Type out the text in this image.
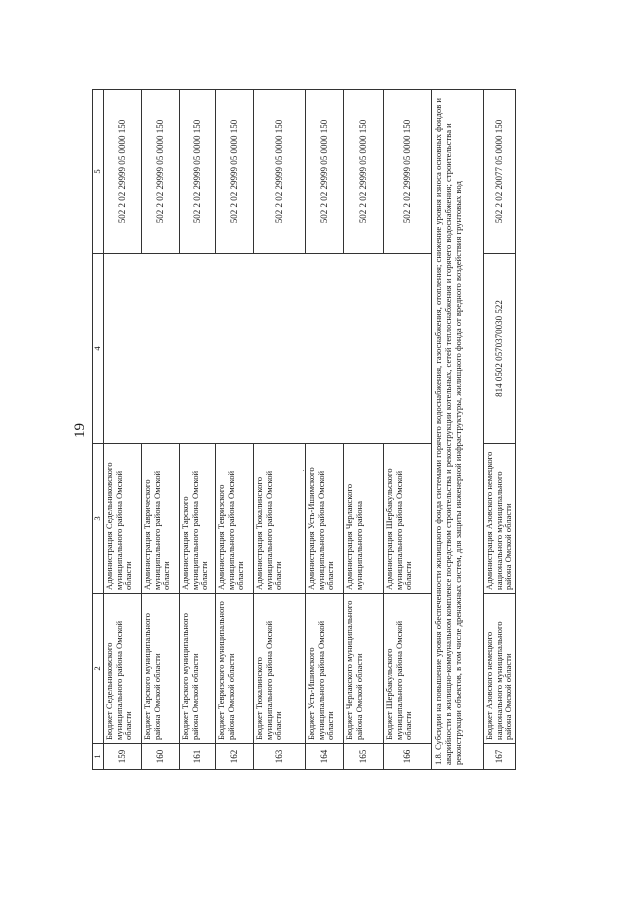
19
1	2	3	4	5
159	Бюджет Седельниковского муниципального района Омской области	Администрация Седельниковского муниципального района Омской области		502 2 02 29999 05 0000 150
160	Бюджет Тарского муниципального района Омской области	Администрация Таврического муниципального района Омской области		502 2 02 29999 05 0000 150
161	Бюджет Тарского муниципального района Омской области	Администрация Тарского муниципального района Омской области		502 2 02 29999 05 0000 150
162	Бюджет Тевризского муниципального района Омской области	Администрация Тевризского муниципального района Омской области		502 2 02 29999 05 0000 150
163	Бюджет Тюкалинского муниципального района Омской области	Администрация Тюкалинского муниципального района Омской области		502 2 02 29999 05 0000 150
164	Бюджет Усть-Ишимского муниципального района Омской области	Администрация Усть-Ишимского муниципального района Омской области		502 2 02 29999 05 0000 150
165	Бюджет Черлакского муниципального района Омской области	Администрация Черлакского муниципального района		502 2 02 29999 05 0000 150
166	Бюджет Шербакульского муниципального района Омской области	Администрация Шербакульского муниципального района Омской области		502 2 02 29999 05 0000 150
1.8. Субсидии на повышение уровня обеспеченности жилищного фонда системами горячего водоснабжения, газоснабжения, отопления; снижение уровня износа основных фондов и аварийности в жилищно-коммунальном комплексе посредством строительства и реконструкции котельных, сетей теплоснабжения и горячего водоснабжения; строительства и реконструкции объектов, в том числе дренажных систем, для защиты инженерной инфраструктуры, жилищного фонда от вредного воздействия грунтовых вод				
167	Бюджет Азовского немецкого национального муниципального района Омской области	Администрация Азовского немецкого национального муниципального района Омской области	814 0502 0570370030 522	502 2 02 20077 05 0000 150
